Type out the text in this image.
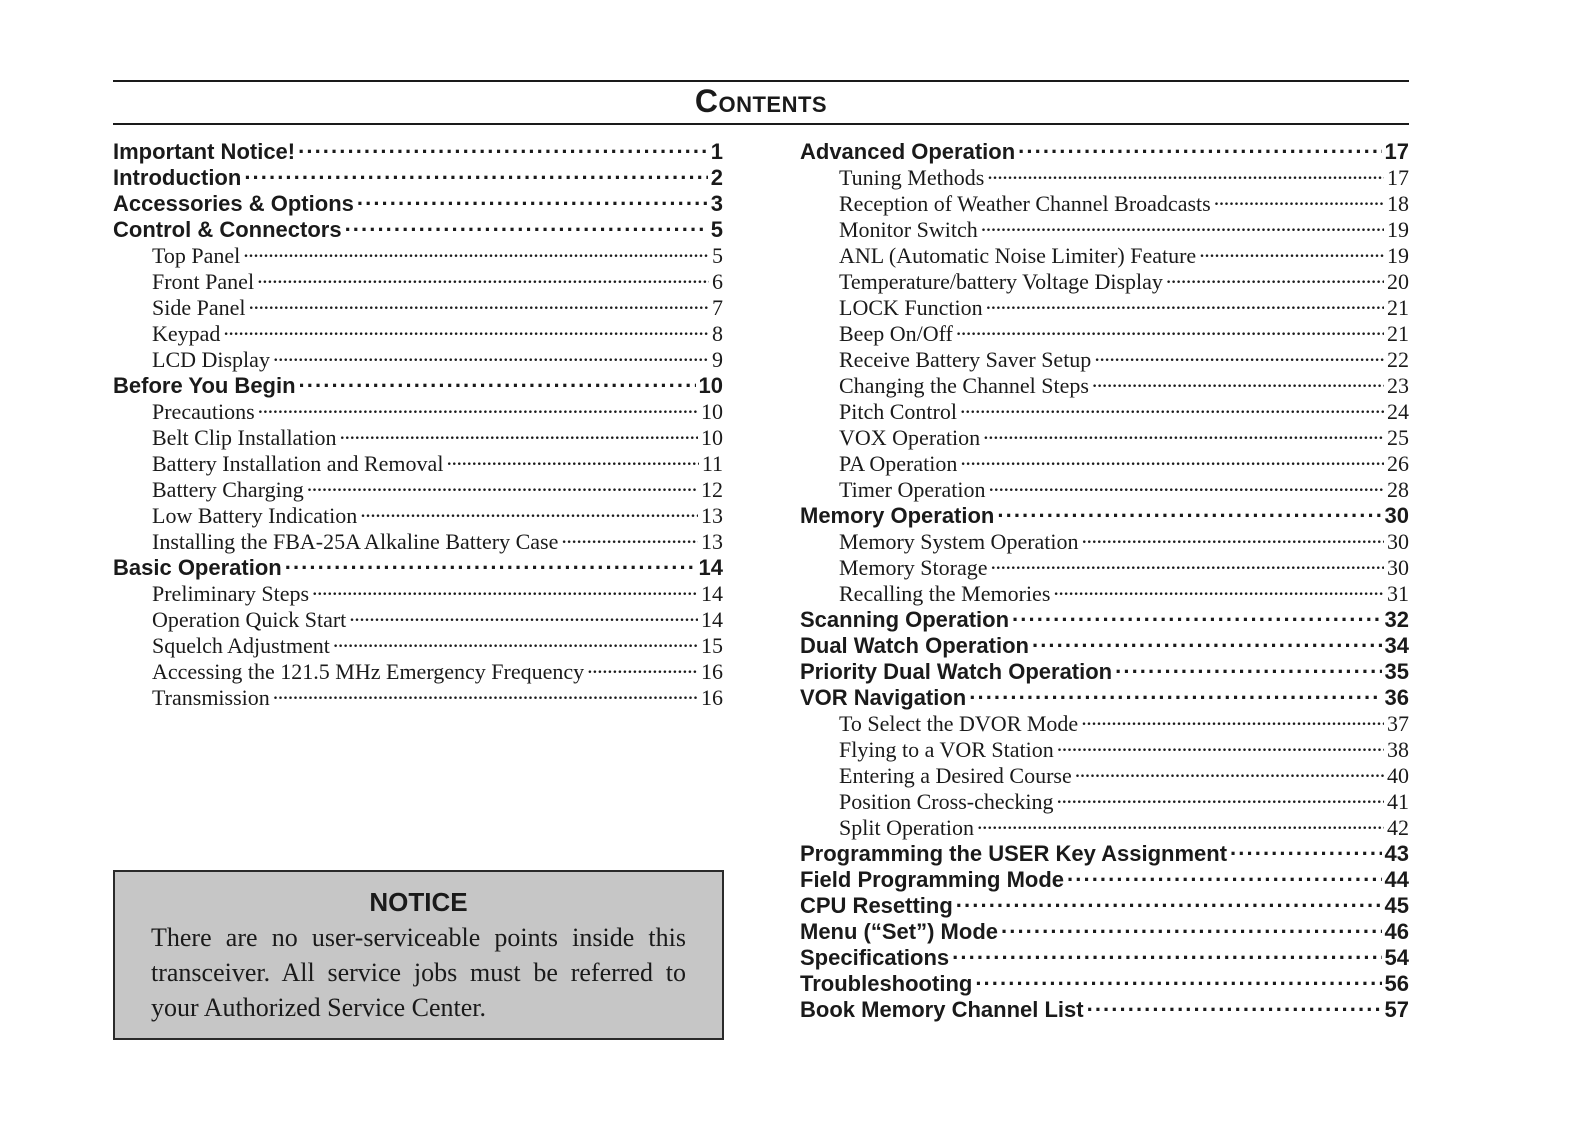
Contents
Important Notice! . . .	1
Introduction . . .	2
Accessories & Options . . .	3
Control & Connectors . . .	5
Top Panel . . .	5
Front Panel . . .	6
Side Panel . . .	7
Keypad . . .	8
LCD Display . . .	9
Before You Begin . . .	10
Precautions . . .	10
Belt Clip Installation . . .	10
Battery Installation and Removal . . .	11
Battery Charging . . .	12
Low Battery Indication . . .	13
Installing the FBA-25A Alkaline Battery Case . . .	13
Basic Operation . . .	14
Preliminary Steps . . .	14
Operation Quick Start . . .	14
Squelch Adjustment . . .	15
Accessing the 121.5 MHz Emergency Frequency . . .	16
Transmission . . .	16
Advanced Operation . . .	17
Tuning Methods . . .	17
Reception of Weather Channel Broadcasts . . .	18
Monitor Switch . . .	19
ANL (Automatic Noise Limiter) Feature . . .	19
Temperature/battery Voltage Display . . .	20
LOCK Function . . .	21
Beep On/Off . . .	21
Receive Battery Saver Setup . . .	22
Changing the Channel Steps . . .	23
Pitch Control . . .	24
VOX Operation . . .	25
PA Operation . . .	26
Timer Operation . . .	28
Memory Operation . . .	30
Memory System Operation . . .	30
Memory Storage . . .	30
Recalling the Memories . . .	31
Scanning Operation . . .	32
Dual Watch Operation . . .	34
Priority Dual Watch Operation . . .	35
VOR Navigation . . .	36
To Select the DVOR Mode . . .	37
Flying to a VOR Station . . .	38
Entering a Desired Course . . .	40
Position Cross-checking . . .	41
Split Operation . . .	42
Programming the USER Key Assignment . . .	43
Field Programming Mode . . .	44
CPU Resetting . . .	45
Menu (“Set”) Mode . . .	46
Specifications . . .	54
Troubleshooting . . .	56
Book Memory Channel List . . .	57
NOTICE
There are no user-serviceable points inside this transceiver. All service jobs must be referred to your Authorized Service Center.
